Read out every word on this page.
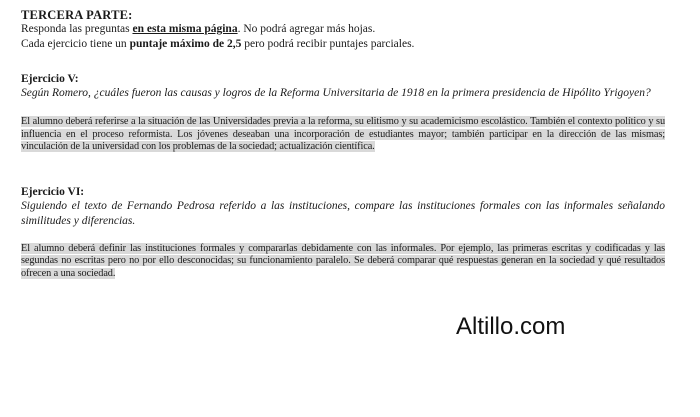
TERCERA PARTE:
Responda las preguntas en esta misma página. No podrá agregar más hojas.
Cada ejercicio tiene un puntaje máximo de 2,5 pero podrá recibir puntajes parciales.
Ejercicio V:
Según Romero, ¿cuáles fueron las causas y logros de la Reforma Universitaria de 1918 en la primera presidencia de Hipólito Yrigoyen?
El alumno deberá referirse a la situación de las Universidades previa a la reforma, su elitismo y su academicismo escolástico. También el contexto político y su influencia en el proceso reformista. Los jóvenes deseaban una incorporación de estudiantes mayor; también participar en la dirección de las mismas; vinculación de la universidad con los problemas de la sociedad; actualización científica.
Ejercicio VI:
Siguiendo el texto de Fernando Pedrosa referido a las instituciones, compare las instituciones formales con las informales señalando similitudes y diferencias.
El alumno deberá definir las instituciones formales y compararlas debidamente con las informales. Por ejemplo, las primeras escritas y codificadas y las segundas no escritas pero no por ello desconocidas; su funcionamiento paralelo. Se deberá comparar qué respuestas generan en la sociedad y qué resultados ofrecen a una sociedad.
Altillo.com
